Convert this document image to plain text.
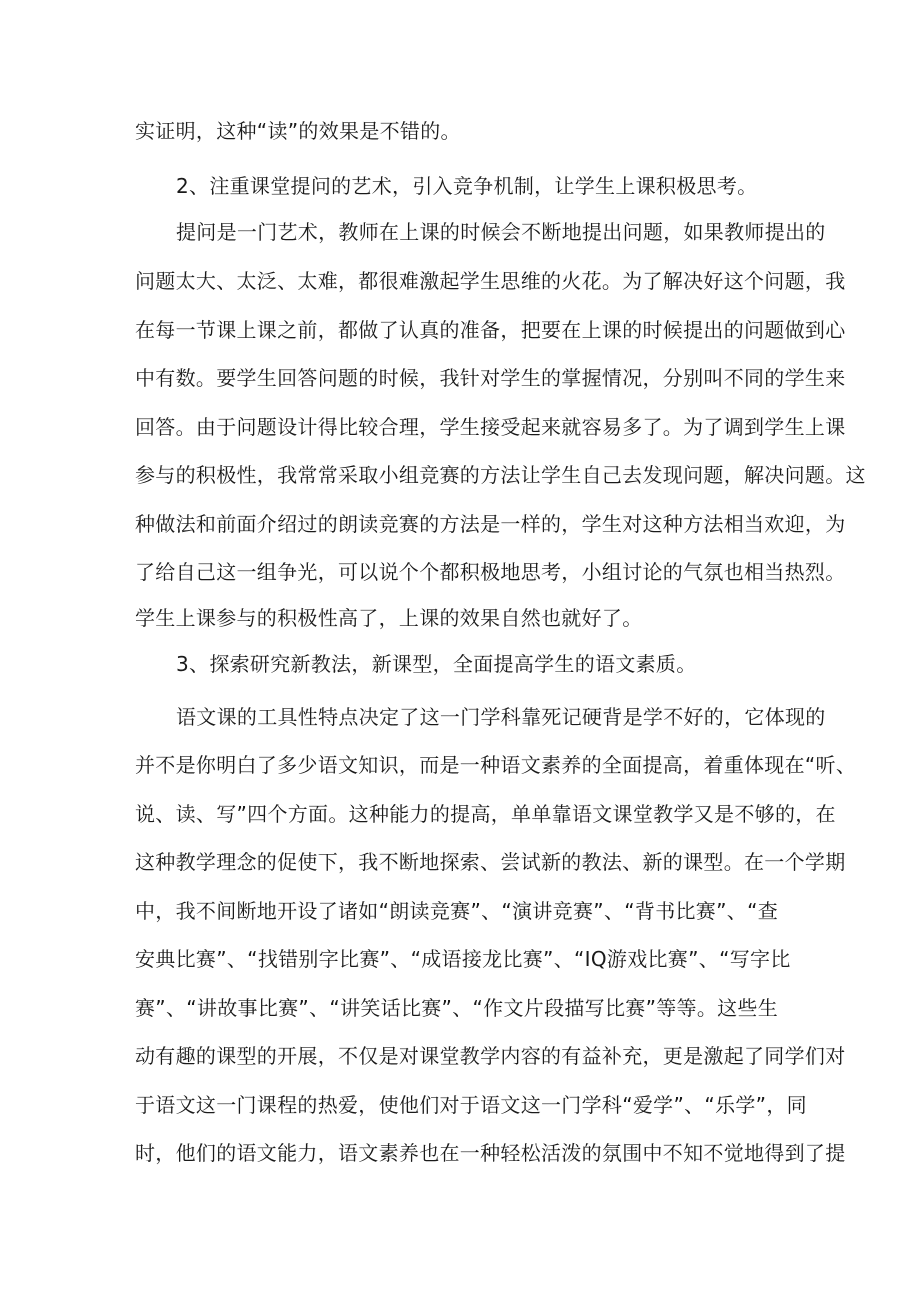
实证明，这种“读”的效果是不错的。
2、注重课堂提问的艺术，引入竞争机制，让学生上课积极思考。
提问是一门艺术，教师在上课的时候会不断地提出问题，如果教师提出的
问题太大、太泛、太难，都很难激起学生思维的火花。为了解决好这个问题，我
在每一节课上课之前，都做了认真的准备，把要在上课的时候提出的问题做到心
中有数。要学生回答问题的时候，我针对学生的掌握情况，分别叫不同的学生来
回答。由于问题设计得比较合理，学生接受起来就容易多了。为了调到学生上课
参与的积极性，我常常采取小组竞赛的方法让学生自己去发现问题，解决问题。这
种做法和前面介绍过的朗读竞赛的方法是一样的，学生对这种方法相当欢迎，为
了给自己这一组争光，可以说个个都积极地思考，小组讨论的气氛也相当热烈。
学生上课参与的积极性高了，上课的效果自然也就好了。
3、探索研究新教法，新课型，全面提高学生的语文素质。
语文课的工具性特点决定了这一门学科靠死记硬背是学不好的，它体现的
并不是你明白了多少语文知识，而是一种语文素养的全面提高，着重体现在“听、
说、读、写”四个方面。这种能力的提高，单单靠语文课堂教学又是不够的，在
这种教学理念的促使下，我不断地探索、尝试新的教法、新的课型。在一个学期
中，我不间断地开设了诸如“朗读竞赛”、“演讲竞赛”、“背书比赛”、“查
安典比赛”、“找错别字比赛”、“成语接龙比赛”、“IQ游戏比赛”、“写字比
赛”、“讲故事比赛”、“讲笑话比赛”、“作文片段描写比赛”等等。这些生
动有趣的课型的开展，不仅是对课堂教学内容的有益补充，更是激起了同学们对
于语文这一门课程的热爱，使他们对于语文这一门学科“爱学”、“乐学”，同
时，他们的语文能力，语文素养也在一种轻松活泼的氛围中不知不觉地得到了提
